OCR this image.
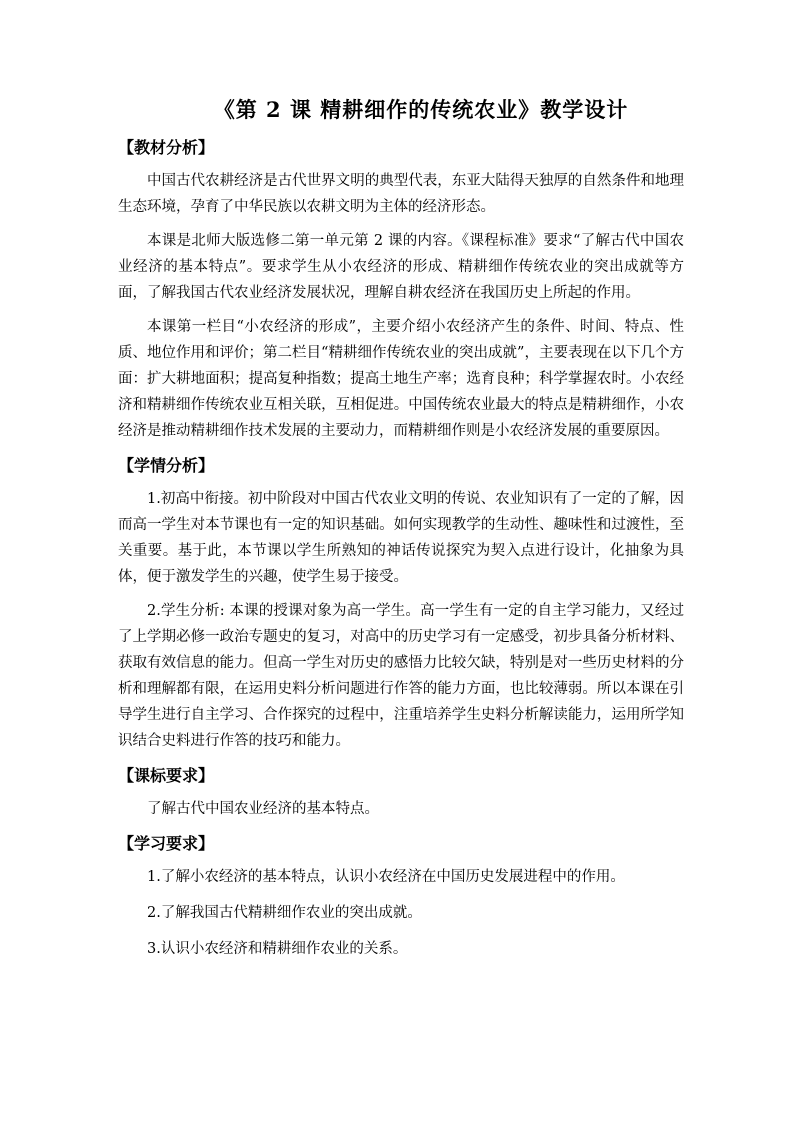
《第 2 课 精耕细作的传统农业》教学设计
【教材分析】

中国古代农耕经济是古代世界文明的典型代表，东亚大陆得天独厚的自然条件和地理生态环境，孕育了中华民族以农耕文明为主体的经济形态。

本课是北师大版选修二第一单元第 2 课的内容。《课程标准》要求“了解古代中国农业经济的基本特点”。要求学生从小农经济的形成、精耕细作传统农业的突出成就等方面，了解我国古代农业经济发展状况，理解自耕农经济在我国历史上所起的作用。

本课第一栏目“小农经济的形成”，主要介绍小农经济产生的条件、时间、特点、性质、地位作用和评价；第二栏目“精耕细作传统农业的突出成就”，主要表现在以下几个方面：扩大耕地面积；提高复种指数；提高土地生产率；选育良种；科学掌握农时。小农经济和精耕细作传统农业互相关联，互相促进。中国传统农业最大的特点是精耕细作，小农经济是推动精耕细作技术发展的主要动力，而精耕细作则是小农经济发展的重要原因。

【学情分析】

1.初高中衔接。初中阶段对中国古代农业文明的传说、农业知识有了一定的了解，因而高一学生对本节课也有一定的知识基础。如何实现教学的生动性、趣味性和过渡性，至关重要。基于此，本节课以学生所熟知的神话传说探究为契入点进行设计，化抽象为具体，便于激发学生的兴趣，使学生易于接受。

2.学生分析: 本课的授课对象为高一学生。高一学生有一定的自主学习能力，又经过了上学期必修一政治专题史的复习，对高中的历史学习有一定感受，初步具备分析材料、获取有效信息的能力。但高一学生对历史的感悟力比较欠缺，特别是对一些历史材料的分析和理解都有限，在运用史料分析问题进行作答的能力方面，也比较薄弱。所以本课在引导学生进行自主学习、合作探究的过程中，注重培养学生史料分析解读能力，运用所学知识结合史料进行作答的技巧和能力。

【课标要求】

了解古代中国农业经济的基本特点。

【学习要求】

1.了解小农经济的基本特点，认识小农经济在中国历史发展进程中的作用。

2.了解我国古代精耕细作农业的突出成就。

3.认识小农经济和精耕细作农业的关系。
